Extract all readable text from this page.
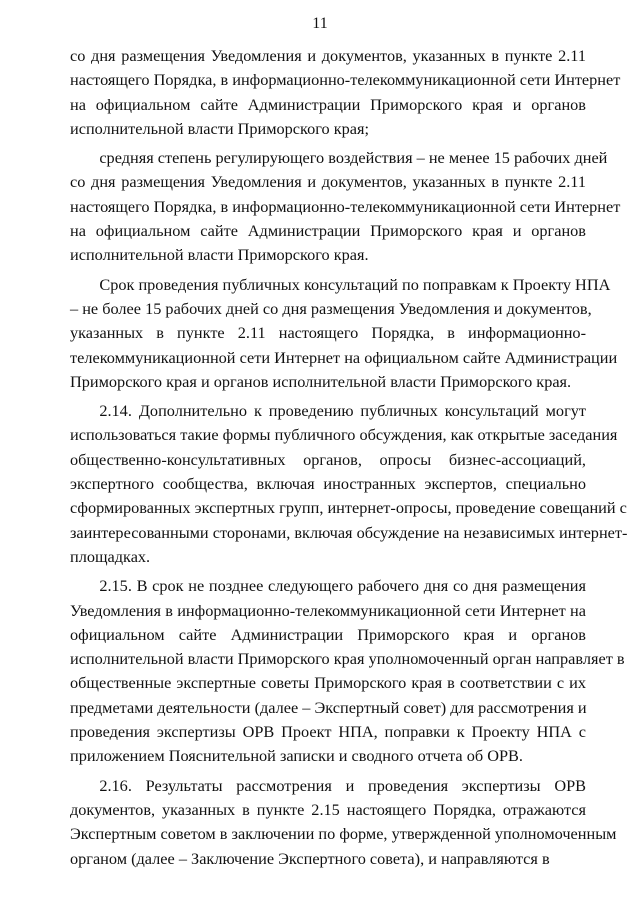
11
со дня размещения Уведомления и документов, указанных в пункте 2.11
настоящего Порядка, в информационно-телекоммуникационной сети Интернет
на официальном сайте Администрации Приморского края и органов
исполнительной власти Приморского края;
средняя степень регулирующего воздействия – не менее 15 рабочих дней
со дня размещения Уведомления и документов, указанных в пункте 2.11
настоящего Порядка, в информационно-телекоммуникационной сети Интернет
на официальном сайте Администрации Приморского края и органов
исполнительной власти Приморского края.
Срок проведения публичных консультаций по поправкам к Проекту НПА
– не более 15 рабочих дней со дня размещения Уведомления и документов,
указанных в пункте 2.11 настоящего Порядка, в информационно-
телекоммуникационной сети Интернет на официальном сайте Администрации
Приморского края и органов исполнительной власти Приморского края.
2.14. Дополнительно к проведению публичных консультаций могут
использоваться такие формы публичного обсуждения, как открытые заседания
общественно-консультативных органов, опросы бизнес-ассоциаций,
экспертного сообщества, включая иностранных экспертов, специально
сформированных экспертных групп, интернет-опросы, проведение совещаний с
заинтересованными сторонами, включая обсуждение на независимых интернет-
площадках.
2.15. В срок не позднее следующего рабочего дня со дня размещения
Уведомления в информационно-телекоммуникационной сети Интернет на
официальном сайте Администрации Приморского края и органов
исполнительной власти Приморского края уполномоченный орган направляет в
общественные экспертные советы Приморского края в соответствии с их
предметами деятельности (далее – Экспертный совет) для рассмотрения и
проведения экспертизы ОРВ Проект НПА, поправки к Проекту НПА с
приложением Пояснительной записки и сводного отчета об ОРВ.
2.16. Результаты рассмотрения и проведения экспертизы ОРВ
документов, указанных в пункте 2.15 настоящего Порядка, отражаются
Экспертным советом в заключении по форме, утвержденной уполномоченным
органом (далее – Заключение Экспертного совета), и направляются в
